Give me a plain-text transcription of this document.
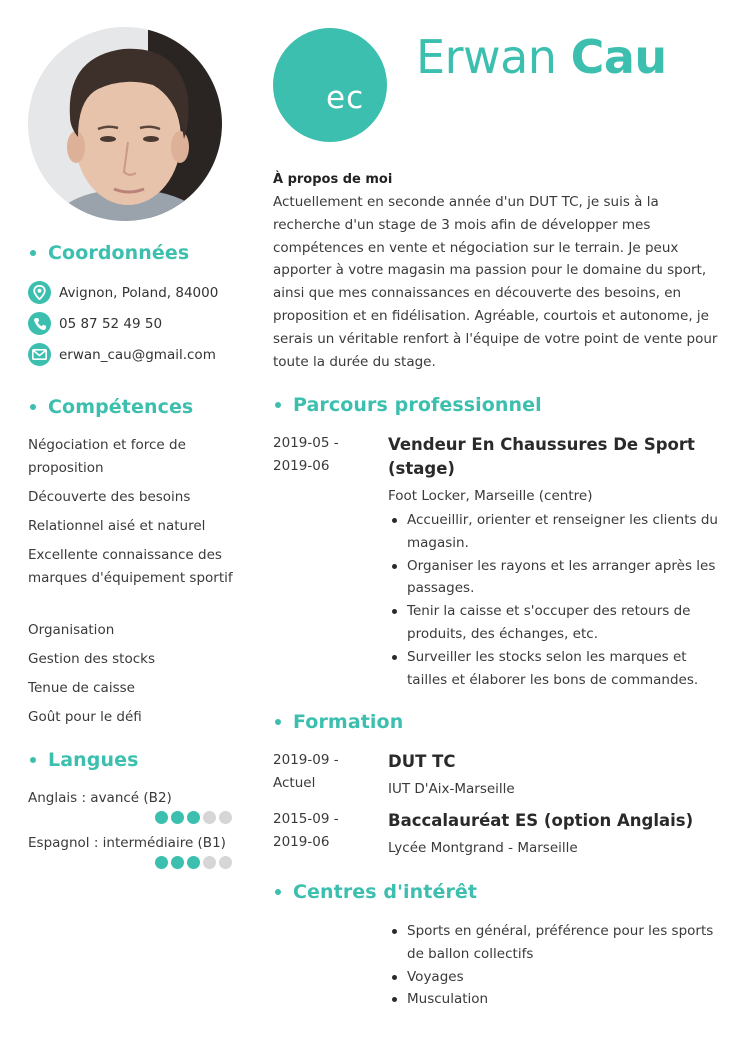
Coordonnées
Avignon, Poland, 84000
05 87 52 49 50
erwan_cau@gmail.com
Compétences
Négociation et force de proposition
Découverte des besoins
Relationnel aisé et naturel
Excellente connaissance des marques d'équipement sportif
Organisation
Gestion des stocks
Tenue de caisse
Goût pour le défi
Langues
Anglais : avancé (B2)
Espagnol : intermédiaire (B1)
ec
Erwan Cau
À propos de moi
Actuellement en seconde année d'un DUT TC, je suis à la recherche d'un stage de 3 mois afin de développer mes compétences en vente et négociation sur le terrain. Je peux apporter à votre magasin ma passion pour le domaine du sport, ainsi que mes connaissances en découverte des besoins, en proposition et en fidélisation. Agréable, courtois et autonome, je serais un véritable renfort à l'équipe de votre point de vente pour toute la durée du stage.
Parcours professionnel
2019-05 -
2019-06
Vendeur En Chaussures De Sport (stage)
Foot Locker, Marseille (centre)
Accueillir, orienter et renseigner les clients du magasin.
Organiser les rayons et les arranger après les passages.
Tenir la caisse et s'occuper des retours de produits, des échanges, etc.
Surveiller les stocks selon les marques et tailles et élaborer les bons de commandes.
Formation
2019-09 -
Actuel
DUT TC
IUT D'Aix-Marseille
2015-09 -
2019-06
Baccalauréat ES (option Anglais)
Lycée Montgrand - Marseille
Centres d'intérêt
Sports en général, préférence pour les sports de ballon collectifs
Voyages
Musculation
